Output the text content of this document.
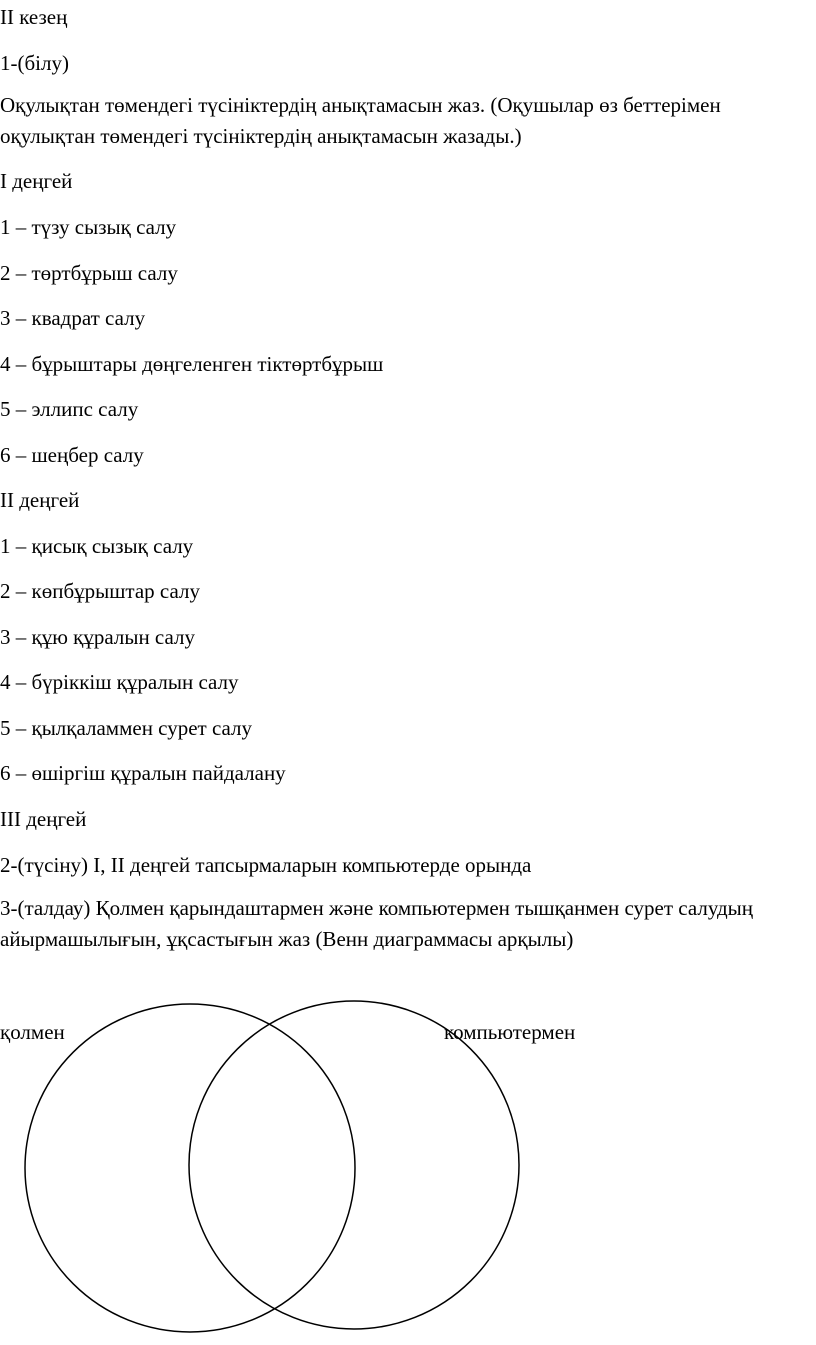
II кезең
1-(білу)
Оқулықтан төмендегі түсініктердің анықтамасын жаз. (Оқушылар өз беттерімен оқулықтан төмендегі түсініктердің анықтамасын жазады.)
І деңгей
1 – түзу сызық салу
2 – төртбұрыш салу
3 – квадрат салу
4 – бұрыштары дөңгеленген тіктөртбұрыш
5 – эллипс салу
6 – шеңбер салу
ІІ деңгей
1 – қисық сызық салу
2 – көпбұрыштар салу
3 – құю құралын салу
4 – бүріккіш құралын салу
5 – қылқаламмен сурет салу
6 – өшіргіш құралын пайдалану
ІІІ деңгей
2-(түсіну) І, ІІ деңгей тапсырмаларын компьютерде орында
3-(талдау) Қолмен қарындаштармен және компьютермен тышқанмен сурет салудың айырмашылығын, ұқсастығын жаз (Венн диаграммасы арқылы)
қолмен	компьютермен
